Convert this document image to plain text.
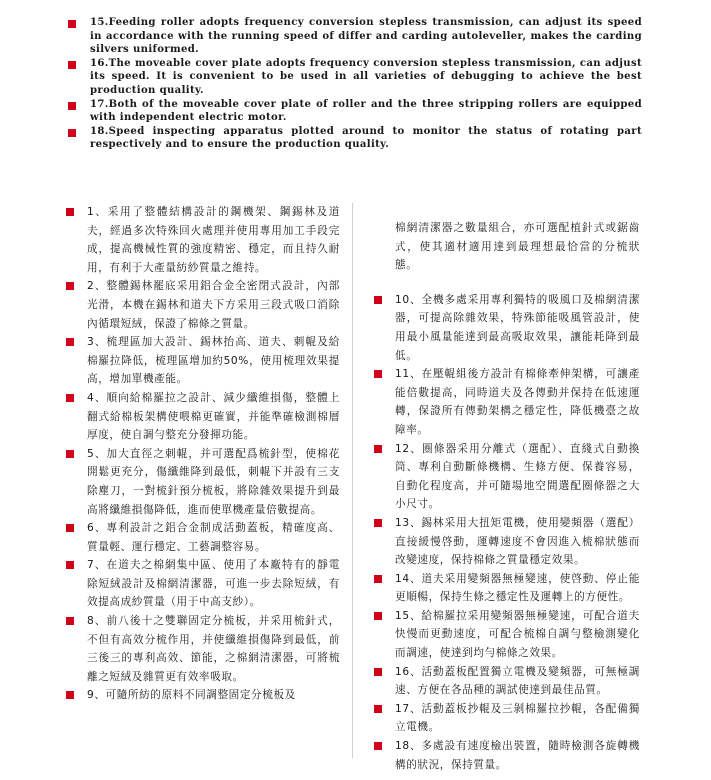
15.Feeding roller adopts frequency conversion stepless transmission, can adjust its speed in accordance with the running speed of differ and carding autoleveller, makes the carding silvers uniformed.

16.The moveable cover plate adopts frequency conversion stepless transmission, can adjust its speed. It is convenient to be used in all varieties of debugging to achieve the best production quality.

17.Both of the moveable cover plate of roller and the three stripping rollers are equipped with independent electric motor.

18.Speed inspecting apparatus plotted around to monitor the status of rotating part respectively and to ensure the production quality.

1、采用了整體結構設計的鋼機架、鋼錫林及道夫，經過多次特殊回火處理并使用專用加工手段完成，提高機械性質的強度精密、穩定，而且持久耐用，有利于大產量紡紗質量之維持。

2、整體錫林罷底采用鋁合金全密閉式設計，內部光滑，本機在錫林和道夫下方采用三段式吸口消除內循環短絨，保證了棉條之質量。

3、梳理區加大設計、錫林抬高、道夫、刺輥及給棉羅拉降低，梳理區增加約50%，使用梳理效果提高，增加單機產能。

4、順向給棉羅拉之設計、減少纖維損傷，整體上翻式給棉板架構使喂棉更確實，并能準確檢測棉層厚度，使自調勻整充分發揮功能。

5、加大直徑之刺輥，并可選配爲梳針型，使棉花開鬆更充分，傷纖維降到最低，刺輥下并設有三支除塵刀，一對梳針預分梳板，將除雜效果提升到最高將纖維損傷降低，進而使單機產量倍數提高。

6、專利設計之鋁合金制成活動蓋板，精確度高、質量輕、運行穩定、工藝調整容易。

7、在道夫之棉網集中區、使用了本廠特有的靜電除短絨設計及棉網清潔器，可進一步去除短絨，有效提高成紗質量（用于中高支紗）。

8、前八後十之雙聯固定分梳板，并采用梳針式，不但有高效分梳作用，并使纖維損傷降到最低，前三後三的專利高效、節能，之棉網清潔器，可將梳離之短絨及雜質更有效率吸取。

9、可隨所紡的原料不同調整固定分梳板及

棉網清潔器之數量組合，亦可選配植針式或鋸齒式，使其適材適用達到最理想最恰當的分梳狀態。

10、全機多處采用專利獨特的吸風口及棉網清潔器，可提高除雜效果，特殊節能吸風管設計，使用最小風量能達到最高吸取效果，讓能耗降到最低。

11、在壓輥組後方設計有棉條牽伸架構，可讓產能倍數提高，同時道夫及各傳動并保持在低速運轉，保證所有傳動架構之穩定性，降低機臺之故障率。

12、圈條器采用分離式（選配）、直綫式自動換筒、專利自動斷條機構、生條方便、保養容易，自動化程度高，并可隨場地空間選配圈條器之大小尺寸。

13、錫林采用大扭矩電機，使用變頻器（選配）直接緩慢啓動，運轉速度不會因進入梳棉狀態而改變速度，保持棉條之質量穩定效果。

14、道夫采用變頻器無極變速，使啓動、停止能更順暢，保持生條之穩定性及運轉上的方便性。

15、給棉羅拉采用變頻器無極變速，可配合道夫快慢而更動速度，可配合梳棉自調勻整檢測變化而調速，使達到均勻棉條之效果。

16、活動蓋板配置獨立電機及變頻器，可無極調速、方便在各品種的調試使達到最佳品質。

17、活動蓋板抄輥及三剝棉羅拉抄輥，各配備獨立電機。

18、多處設有速度檢出裝置，隨時檢測各旋轉機構的狀況，保持質量。
